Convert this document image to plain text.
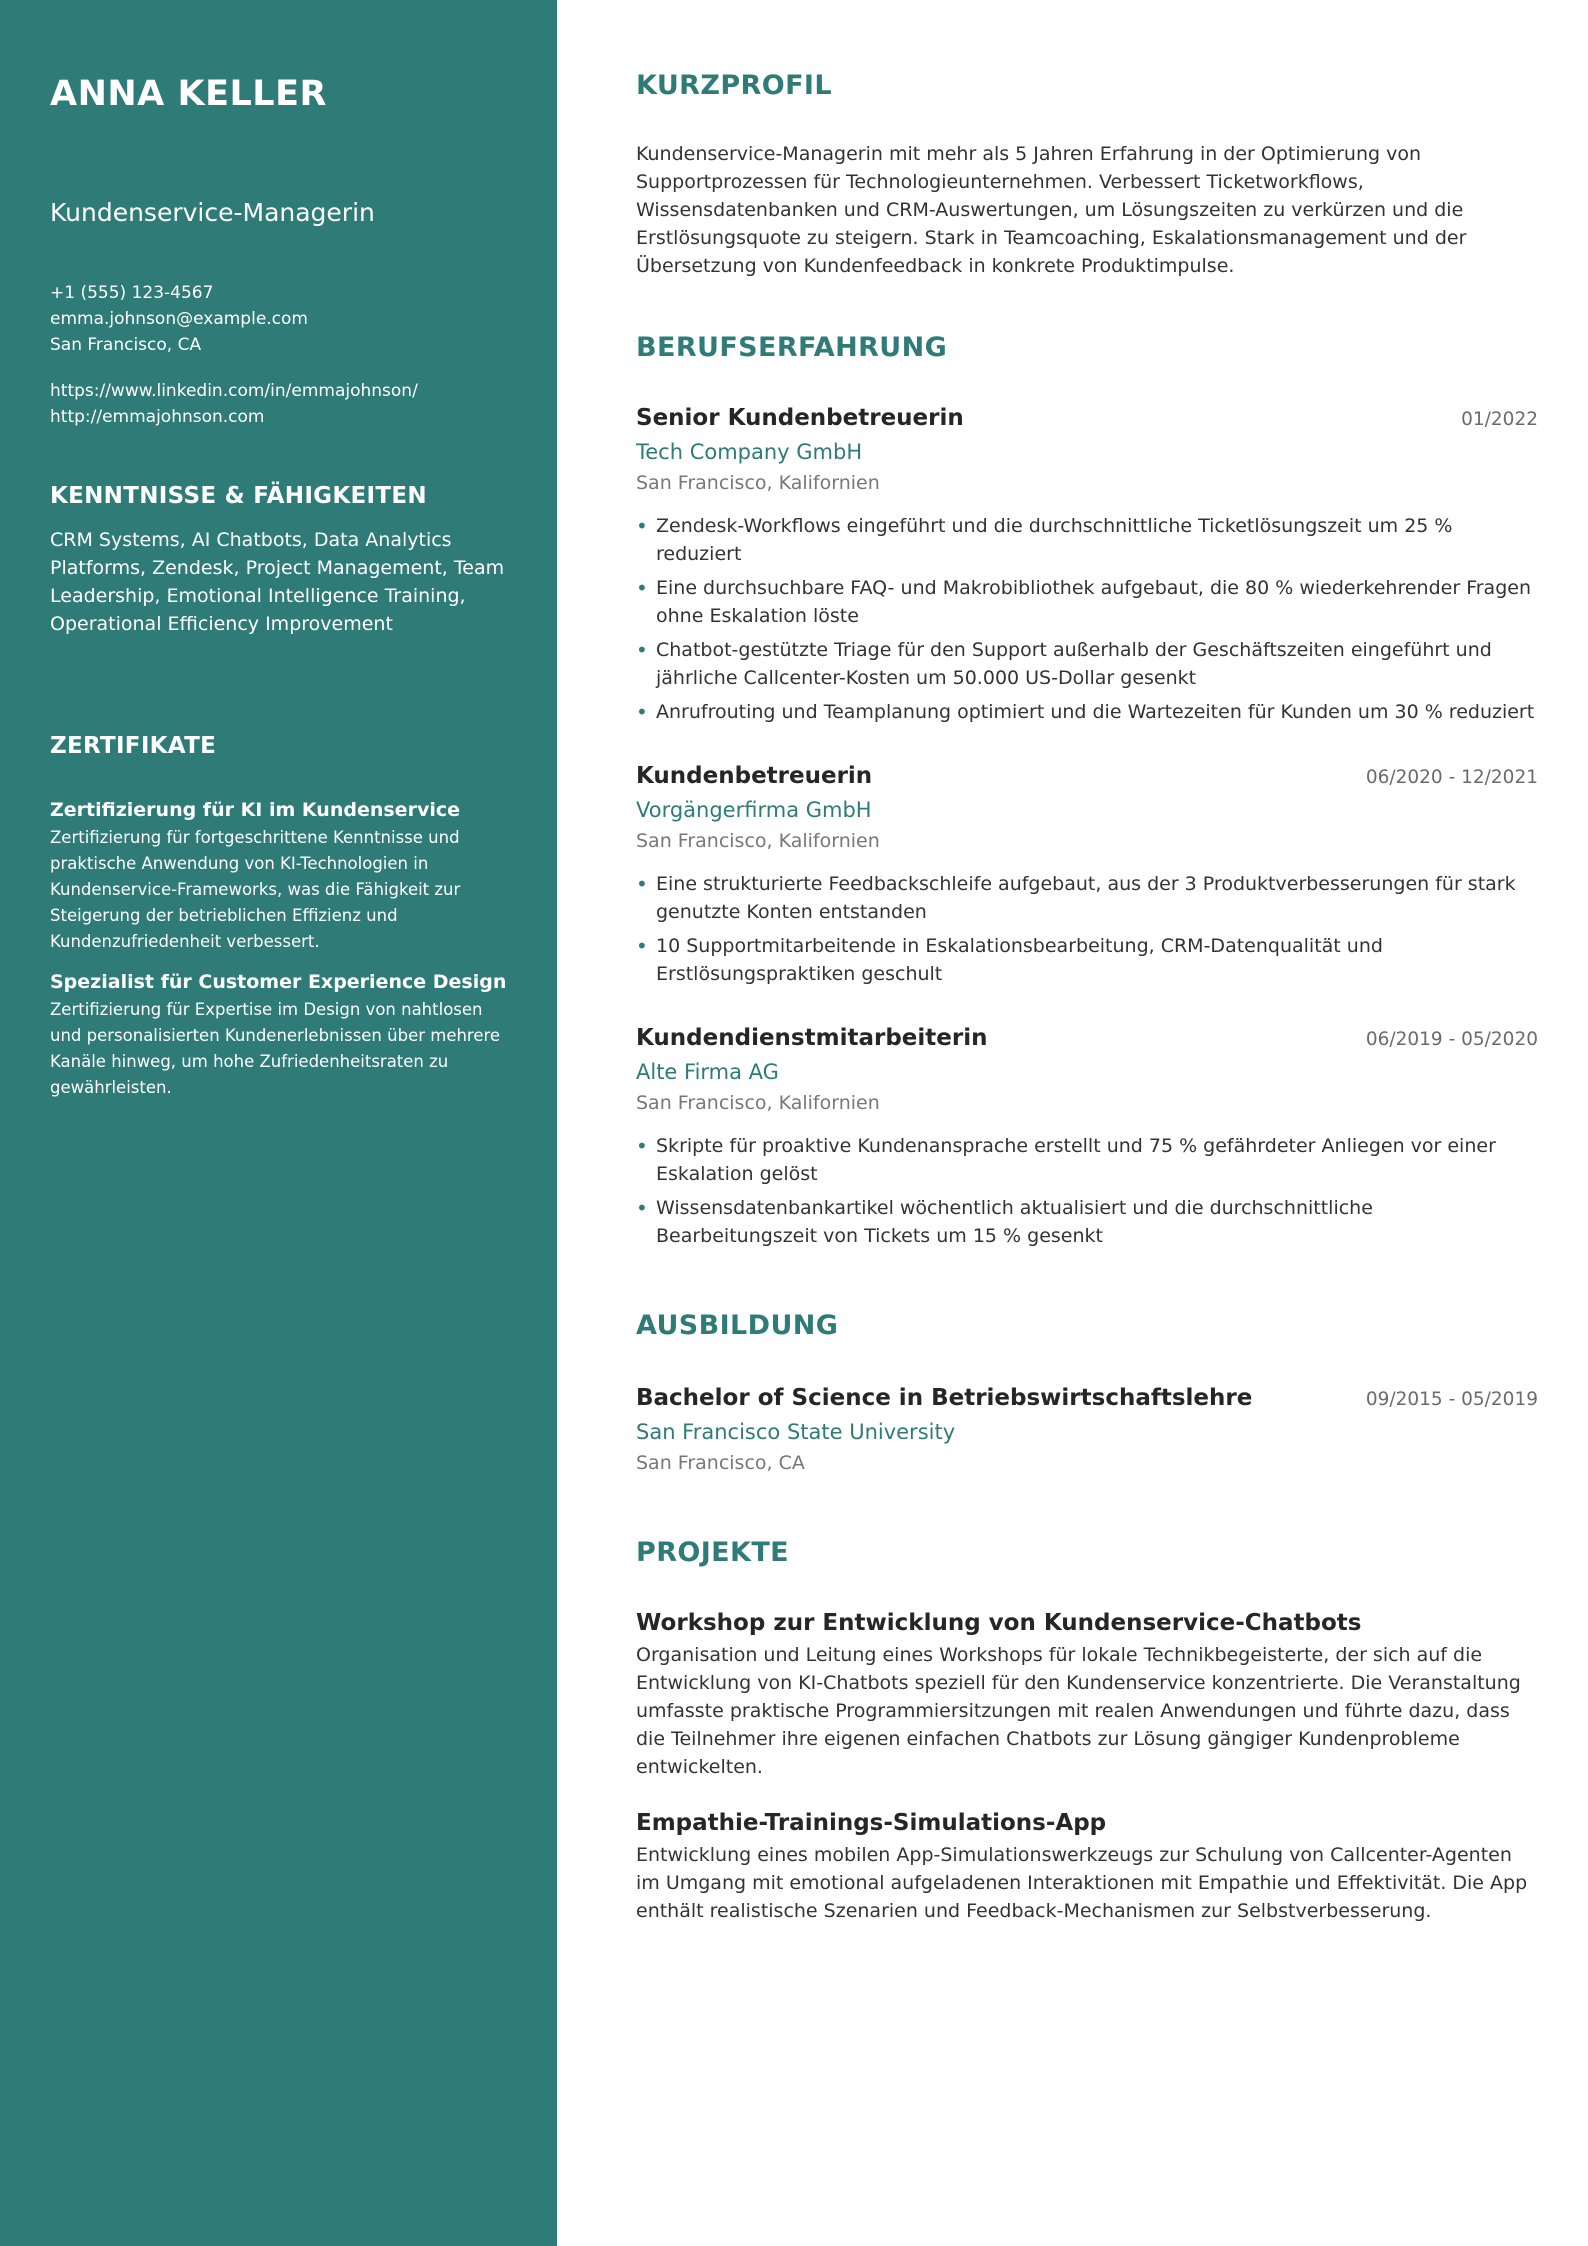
ANNA KELLER
Kundenservice-Managerin
+1 (555) 123-4567
emma.johnson@example.com
San Francisco, CA
https://www.linkedin.com/in/emmajohnson/
http://emmajohnson.com
KENNTNISSE & FÄHIGKEITEN

CRM Systems, AI Chatbots, Data Analytics Platforms, Zendesk, Project Management, Team Leadership, Emotional Intelligence Training, Operational Efficiency Improvement

ZERTIFIKATE
Zertifizierung für KI im Kundenservice
Zertifizierung für fortgeschrittene Kenntnisse und praktische Anwendung von KI-Technologien in Kundenservice-Frameworks, was die Fähigkeit zur Steigerung der betrieblichen Effizienz und Kundenzufriedenheit verbessert.
Spezialist für Customer Experience Design
Zertifizierung für Expertise im Design von nahtlosen und personalisierten Kundenerlebnissen über mehrere Kanäle hinweg, um hohe Zufriedenheitsraten zu gewährleisten.
KURZPROFIL

Kundenservice-Managerin mit mehr als 5 Jahren Erfahrung in der Optimierung von Supportprozessen für Technologieunternehmen. Verbessert Ticketworkflows, Wissensdatenbanken und CRM-Auswertungen, um Lösungszeiten zu verkürzen und die Erstlösungsquote zu steigern. Stark in Teamcoaching, Eskalationsmanagement und der Übersetzung von Kundenfeedback in konkrete Produktimpulse.

BERUFSERFAHRUNG
Senior Kundenbetreuerin	01/2022
Tech Company GmbH
San Francisco, Kalifornien
• Zendesk-Workflows eingeführt und die durchschnittliche Ticketlösungszeit um 25 % reduziert
• Eine durchsuchbare FAQ- und Makrobibliothek aufgebaut, die 80 % wiederkehrender Fragen ohne Eskalation löste
• Chatbot-gestützte Triage für den Support außerhalb der Geschäftszeiten eingeführt und jährliche Callcenter-Kosten um 50.000 US-Dollar gesenkt
• Anrufrouting und Teamplanung optimiert und die Wartezeiten für Kunden um 30 % reduziert
Kundenbetreuerin	06/2020 - 12/2021
Vorgängerfirma GmbH
San Francisco, Kalifornien
• Eine strukturierte Feedbackschleife aufgebaut, aus der 3 Produktverbesserungen für stark genutzte Konten entstanden
• 10 Supportmitarbeitende in Eskalationsbearbeitung, CRM-Datenqualität und Erstlösungspraktiken geschult
Kundendienstmitarbeiterin	06/2019 - 05/2020
Alte Firma AG
San Francisco, Kalifornien
• Skripte für proaktive Kundenansprache erstellt und 75 % gefährdeter Anliegen vor einer Eskalation gelöst
• Wissensdatenbankartikel wöchentlich aktualisiert und die durchschnittliche Bearbeitungszeit von Tickets um 15 % gesenkt
AUSBILDUNG
Bachelor of Science in Betriebswirtschaftslehre	09/2015 - 05/2019
San Francisco State University
San Francisco, CA
PROJEKTE
Workshop zur Entwicklung von Kundenservice-Chatbots
Organisation und Leitung eines Workshops für lokale Technikbegeisterte, der sich auf die Entwicklung von KI-Chatbots speziell für den Kundenservice konzentrierte. Die Veranstaltung umfasste praktische Programmiersitzungen mit realen Anwendungen und führte dazu, dass die Teilnehmer ihre eigenen einfachen Chatbots zur Lösung gängiger Kundenprobleme entwickelten.
Empathie-Trainings-Simulations-App
Entwicklung eines mobilen App-Simulationswerkzeugs zur Schulung von Callcenter-Agenten im Umgang mit emotional aufgeladenen Interaktionen mit Empathie und Effektivität. Die App enthält realistische Szenarien und Feedback-Mechanismen zur Selbstverbesserung.
